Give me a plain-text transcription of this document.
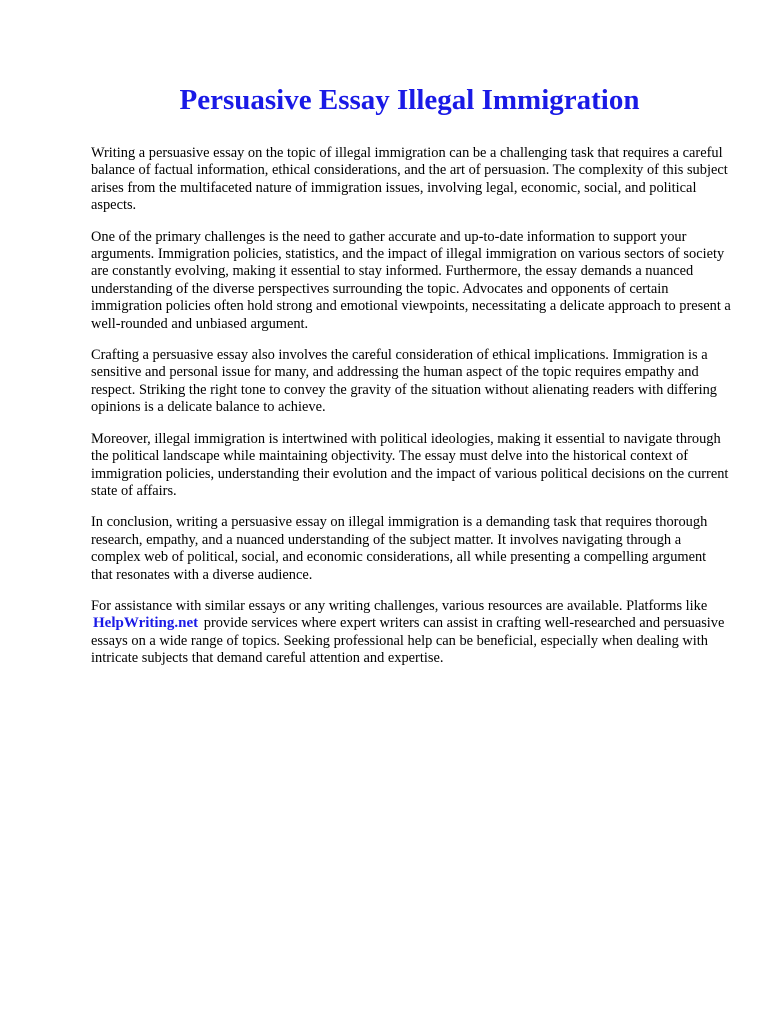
Persuasive Essay Illegal Immigration

Writing a persuasive essay on the topic of illegal immigration can be a challenging task that requires a careful balance of factual information, ethical considerations, and the art of persuasion. The complexity of this subject arises from the multifaceted nature of immigration issues, involving legal, economic, social, and political aspects.

One of the primary challenges is the need to gather accurate and up-to-date information to support your arguments. Immigration policies, statistics, and the impact of illegal immigration on various sectors of society are constantly evolving, making it essential to stay informed. Furthermore, the essay demands a nuanced understanding of the diverse perspectives surrounding the topic. Advocates and opponents of certain immigration policies often hold strong and emotional viewpoints, necessitating a delicate approach to present a well-rounded and unbiased argument.

Crafting a persuasive essay also involves the careful consideration of ethical implications. Immigration is a sensitive and personal issue for many, and addressing the human aspect of the topic requires empathy and respect. Striking the right tone to convey the gravity of the situation without alienating readers with differing opinions is a delicate balance to achieve.

Moreover, illegal immigration is intertwined with political ideologies, making it essential to navigate through the political landscape while maintaining objectivity. The essay must delve into the historical context of immigration policies, understanding their evolution and the impact of various political decisions on the current state of affairs.

In conclusion, writing a persuasive essay on illegal immigration is a demanding task that requires thorough research, empathy, and a nuanced understanding of the subject matter. It involves navigating through a complex web of political, social, and economic considerations, all while presenting a compelling argument that resonates with a diverse audience.

For assistance with similar essays or any writing challenges, various resources are available. Platforms like HelpWriting.net provide services where expert writers can assist in crafting well-researched and persuasive essays on a wide range of topics. Seeking professional help can be beneficial, especially when dealing with intricate subjects that demand careful attention and expertise.
